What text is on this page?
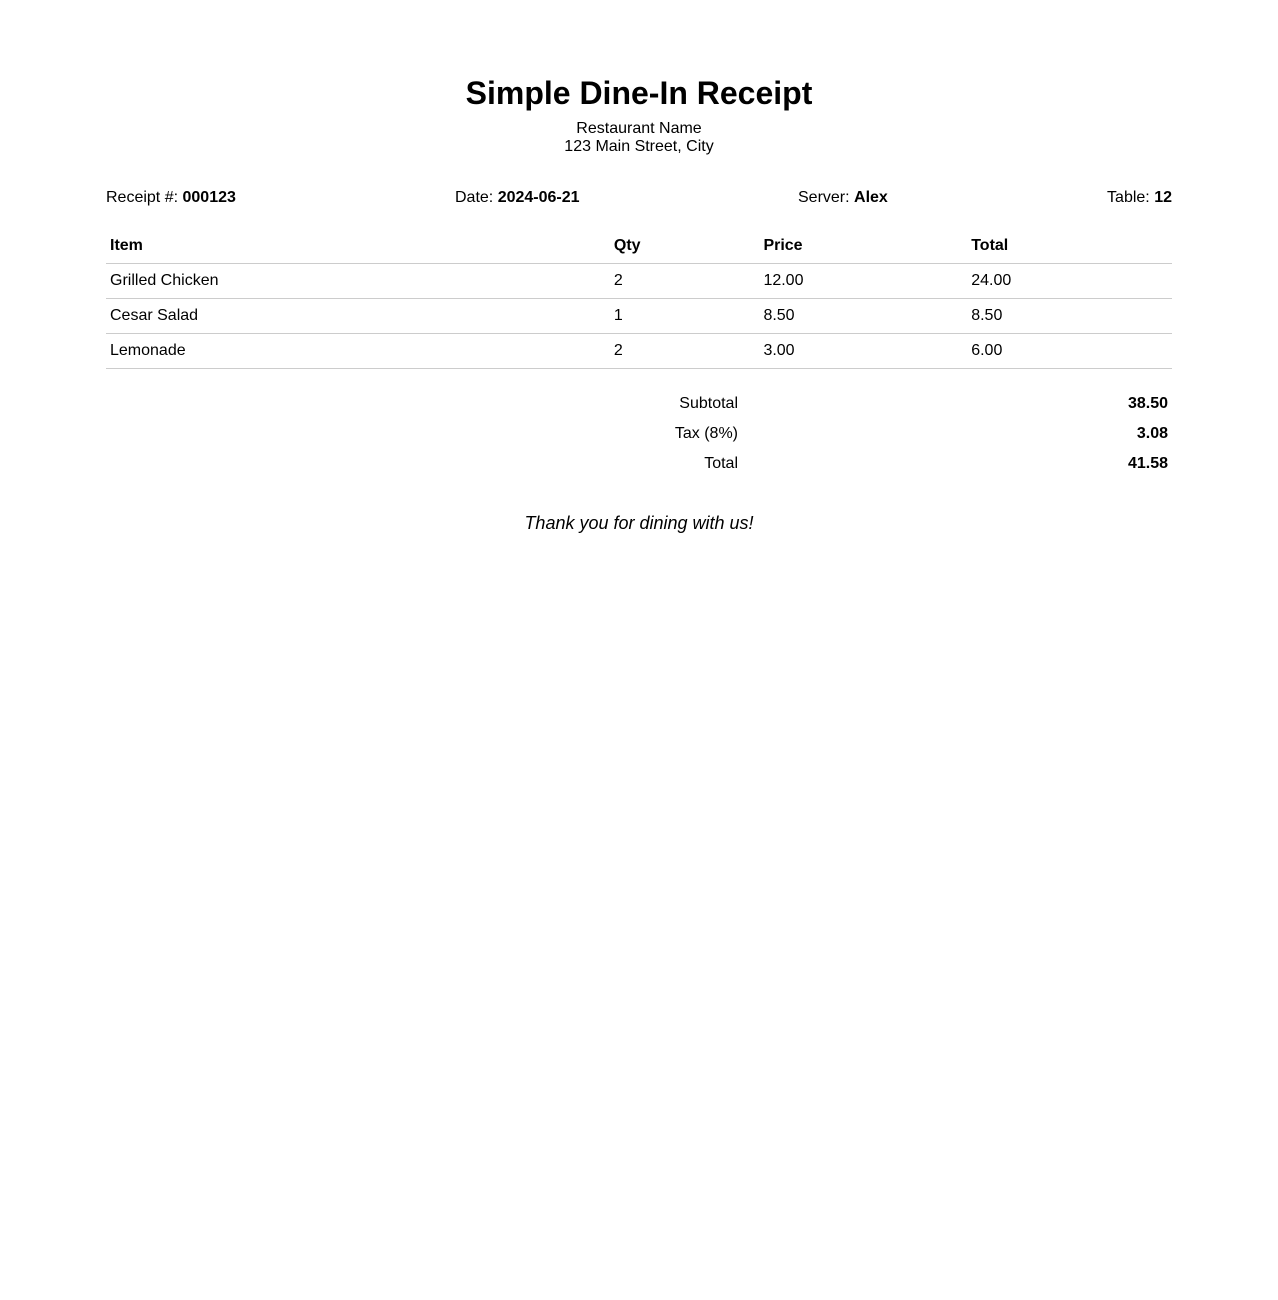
Simple Dine-In Receipt
Restaurant Name
123 Main Street, City
Receipt #: 000123	Date: 2024-06-21	Server: Alex	Table: 12
Item	Qty	Price	Total
Grilled Chicken	2	12.00	24.00
Cesar Salad	1	8.50	8.50
Lemonade	2	3.00	6.00
Subtotal	38.50
Tax (8%)	3.08
Total	41.58
Thank you for dining with us!
